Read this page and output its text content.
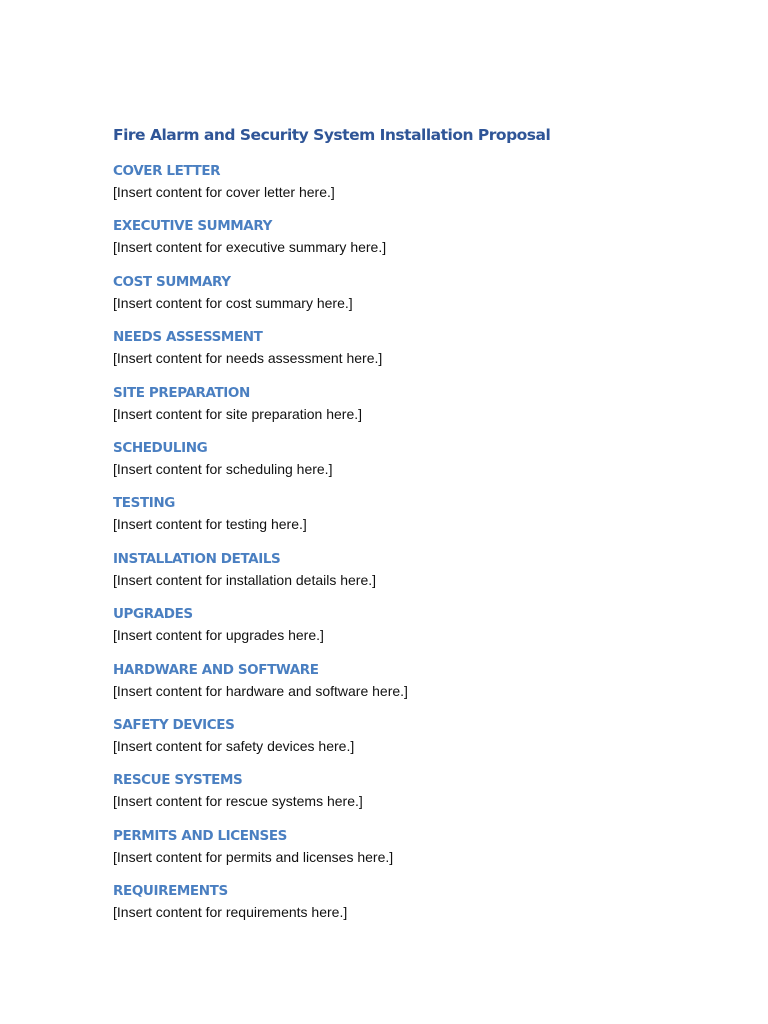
Fire Alarm and Security System Installation Proposal
COVER LETTER

[Insert content for cover letter here.]

EXECUTIVE SUMMARY

[Insert content for executive summary here.]

COST SUMMARY

[Insert content for cost summary here.]

NEEDS ASSESSMENT

[Insert content for needs assessment here.]

SITE PREPARATION

[Insert content for site preparation here.]

SCHEDULING

[Insert content for scheduling here.]

TESTING

[Insert content for testing here.]

INSTALLATION DETAILS

[Insert content for installation details here.]

UPGRADES

[Insert content for upgrades here.]

HARDWARE AND SOFTWARE

[Insert content for hardware and software here.]

SAFETY DEVICES

[Insert content for safety devices here.]

RESCUE SYSTEMS

[Insert content for rescue systems here.]

PERMITS AND LICENSES

[Insert content for permits and licenses here.]

REQUIREMENTS

[Insert content for requirements here.]
